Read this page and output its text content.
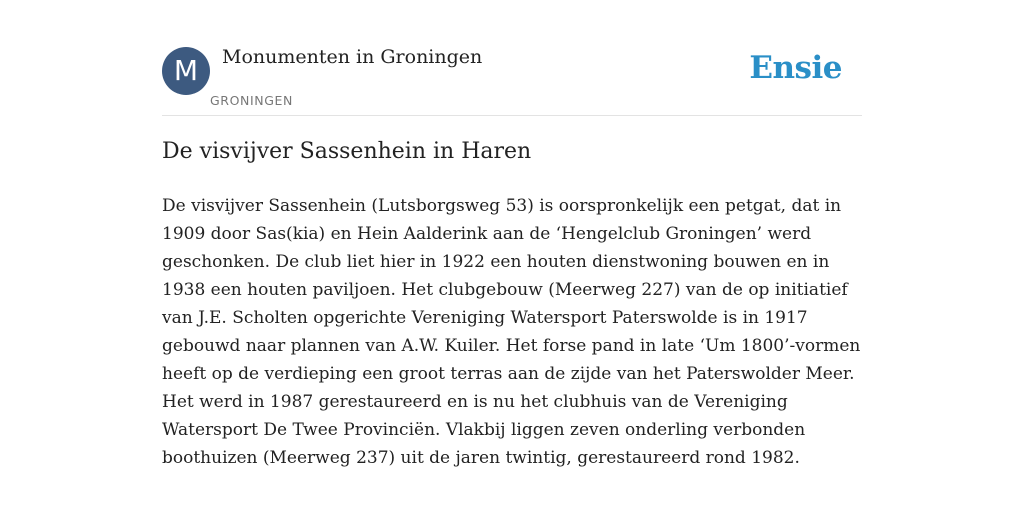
M Monumenten in Groningen
GRONINGEN
Ensie
De visvijver Sassenhein in Haren

De visvijver Sassenhein (Lutsborgsweg 53) is oorspronkelijk een petgat, dat in
1909 door Sas(kia) en Hein Aalderink aan de ‘Hengelclub Groningen’ werd
geschonken. De club liet hier in 1922 een houten dienstwoning bouwen en in
1938 een houten paviljoen. Het clubgebouw (Meerweg 227) van de op initiatief
van J.E. Scholten opgerichte Vereniging Watersport Paterswolde is in 1917
gebouwd naar plannen van A.W. Kuiler. Het forse pand in late ‘Um 1800’-vormen
heeft op de verdieping een groot terras aan de zijde van het Paterswolder Meer.
Het werd in 1987 gerestaureerd en is nu het clubhuis van de Vereniging
Watersport De Twee Provinciën. Vlakbij liggen zeven onderling verbonden
boothuizen (Meerweg 237) uit de jaren twintig, gerestaureerd rond 1982.
